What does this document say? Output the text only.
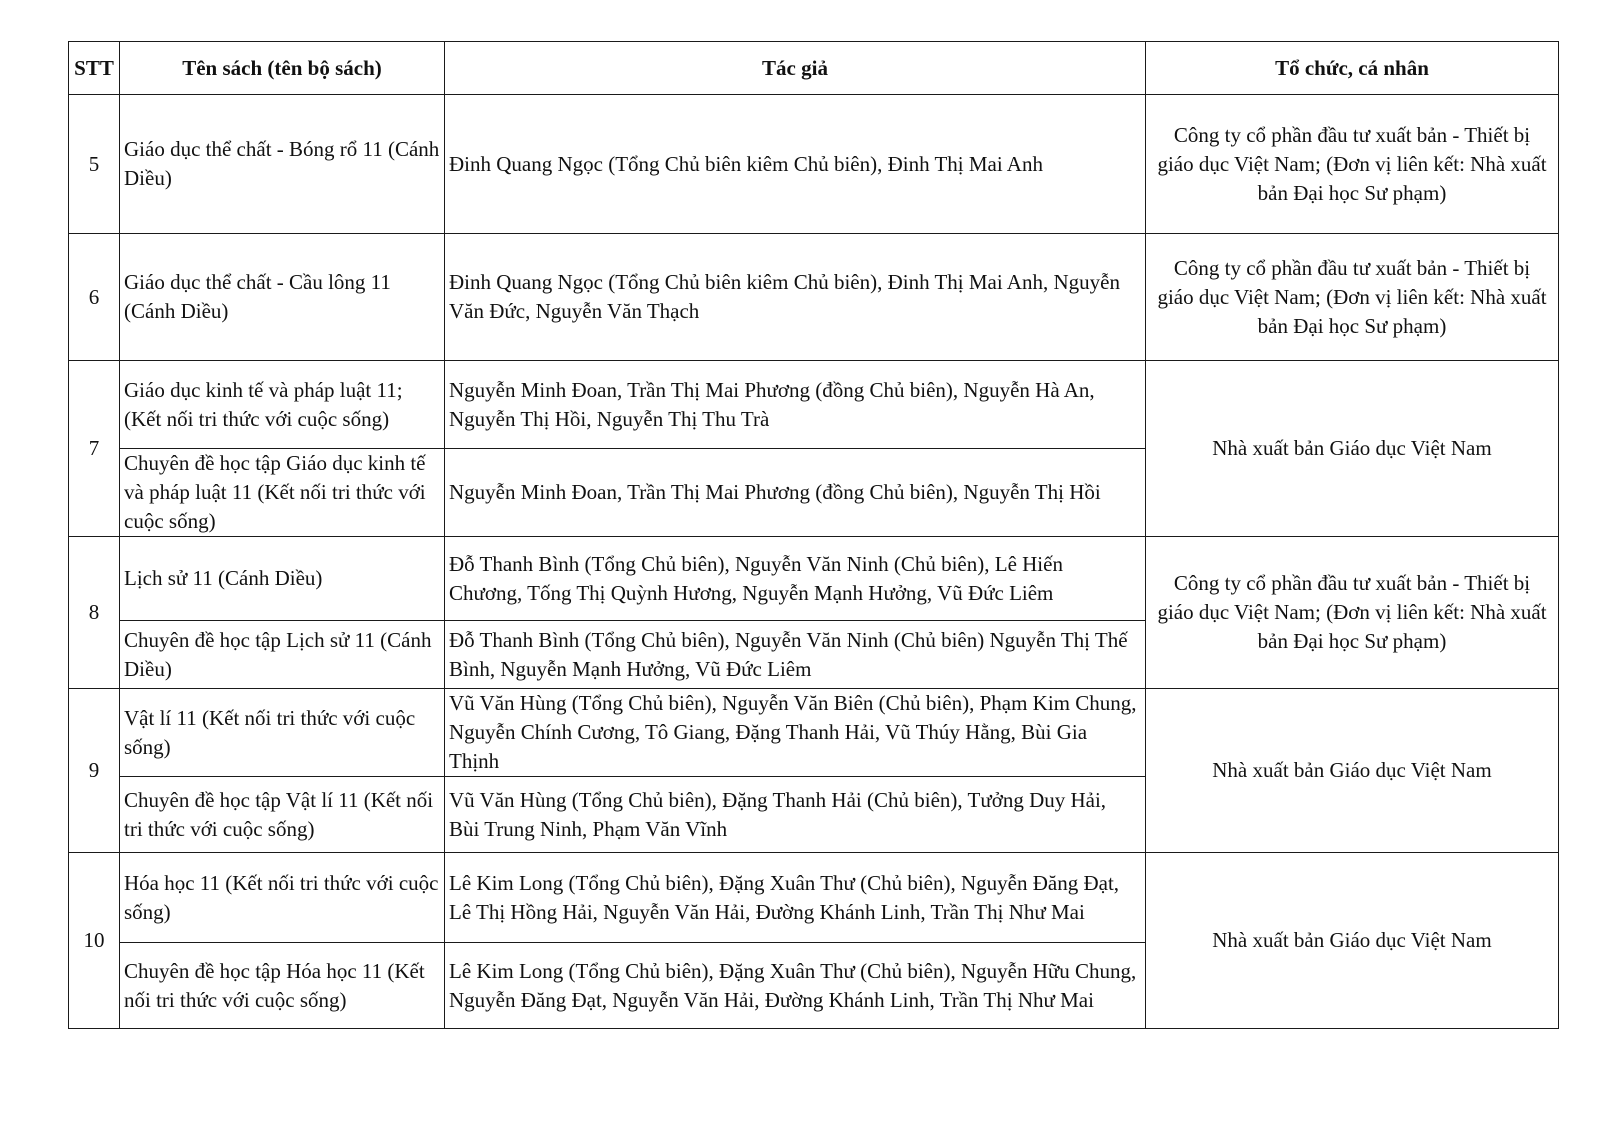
STT	Tên sách (tên bộ sách)	Tác giả	Tổ chức, cá nhân
5	Giáo dục thể chất - Bóng rổ 11 (Cánh Diều)	Đinh Quang Ngọc (Tổng Chủ biên kiêm Chủ biên), Đinh Thị Mai Anh	Công ty cổ phần đầu tư xuất bản - Thiết bị giáo dục Việt Nam; (Đơn vị liên kết: Nhà xuất bản Đại học Sư phạm)
6	Giáo dục thể chất - Cầu lông 11 (Cánh Diều)	Đinh Quang Ngọc (Tổng Chủ biên kiêm Chủ biên), Đinh Thị Mai Anh, Nguyễn Văn Đức, Nguyễn Văn Thạch	Công ty cổ phần đầu tư xuất bản - Thiết bị giáo dục Việt Nam; (Đơn vị liên kết: Nhà xuất bản Đại học Sư phạm)
7	Giáo dục kinh tế và pháp luật 11; (Kết nối tri thức với cuộc sống)	Nguyễn Minh Đoan, Trần Thị Mai Phương (đồng Chủ biên), Nguyễn Hà An, Nguyễn Thị Hồi, Nguyễn Thị Thu Trà	Nhà xuất bản Giáo dục Việt Nam
	Chuyên đề học tập Giáo dục kinh tế và pháp luật 11 (Kết nối tri thức với cuộc sống)	Nguyễn Minh Đoan, Trần Thị Mai Phương (đồng Chủ biên), Nguyễn Thị Hồi	
8	Lịch sử 11 (Cánh Diều)	Đỗ Thanh Bình (Tổng Chủ biên), Nguyễn Văn Ninh (Chủ biên), Lê Hiến Chương, Tống Thị Quỳnh Hương, Nguyễn Mạnh Hưởng, Vũ Đức Liêm	Công ty cổ phần đầu tư xuất bản - Thiết bị giáo dục Việt Nam; (Đơn vị liên kết: Nhà xuất bản Đại học Sư phạm)
	Chuyên đề học tập Lịch sử 11 (Cánh Diều)	Đỗ Thanh Bình (Tổng Chủ biên), Nguyễn Văn Ninh (Chủ biên) Nguyễn Thị Thế Bình, Nguyễn Mạnh Hưởng, Vũ Đức Liêm	
9	Vật lí 11 (Kết nối tri thức với cuộc sống)	Vũ Văn Hùng (Tổng Chủ biên), Nguyễn Văn Biên (Chủ biên), Phạm Kim Chung, Nguyễn Chính Cương, Tô Giang, Đặng Thanh Hải, Vũ Thúy Hằng, Bùi Gia Thịnh	Nhà xuất bản Giáo dục Việt Nam
	Chuyên đề học tập Vật lí 11 (Kết nối tri thức với cuộc sống)	Vũ Văn Hùng (Tổng Chủ biên), Đặng Thanh Hải (Chủ biên), Tưởng Duy Hải, Bùi Trung Ninh, Phạm Văn Vĩnh	
10	Hóa học 11 (Kết nối tri thức với cuộc sống)	Lê Kim Long (Tổng Chủ biên), Đặng Xuân Thư (Chủ biên), Nguyễn Đăng Đạt, Lê Thị Hồng Hải, Nguyễn Văn Hải, Đường Khánh Linh, Trần Thị Như Mai	Nhà xuất bản Giáo dục Việt Nam
	Chuyên đề học tập Hóa học 11 (Kết nối tri thức với cuộc sống)	Lê Kim Long (Tổng Chủ biên), Đặng Xuân Thư (Chủ biên), Nguyễn Hữu Chung, Nguyễn Đăng Đạt, Nguyễn Văn Hải, Đường Khánh Linh, Trần Thị Như Mai	
